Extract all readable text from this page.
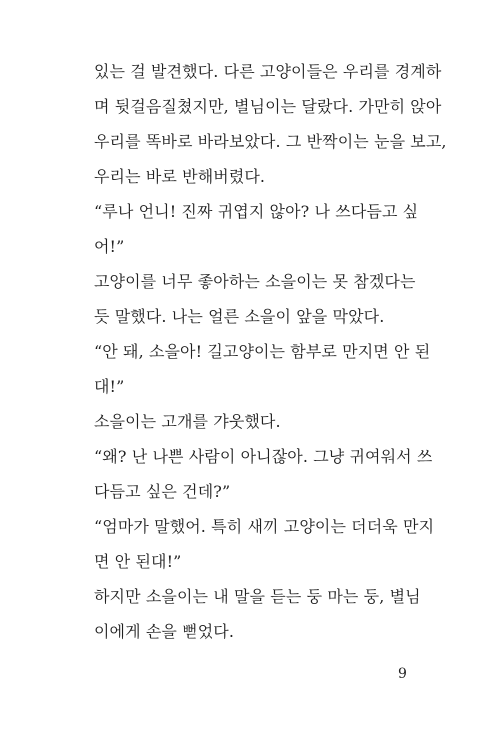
있는 걸 발견했다. 다른 고양이들은 우리를 경계하
며 뒷걸음질쳤지만, 별님이는 달랐다. 가만히 앉아
우리를 똑바로 바라보았다. 그 반짝이는 눈을 보고,
우리는 바로 반해버렸다.
“루나 언니! 진짜 귀엽지 않아? 나 쓰다듬고 싶
어!”
고양이를 너무 좋아하는 소을이는 못 참겠다는
듯 말했다. 나는 얼른 소을이 앞을 막았다.
“안 돼, 소을아! 길고양이는 함부로 만지면 안 된
대!”
소을이는 고개를 갸웃했다.
“왜? 난 나쁜 사람이 아니잖아. 그냥 귀여워서 쓰
다듬고 싶은 건데?”
“엄마가 말했어. 특히 새끼 고양이는 더더욱 만지
면 안 된대!”
하지만 소을이는 내 말을 듣는 둥 마는 둥, 별님
이에게 손을 뻗었다.
9
